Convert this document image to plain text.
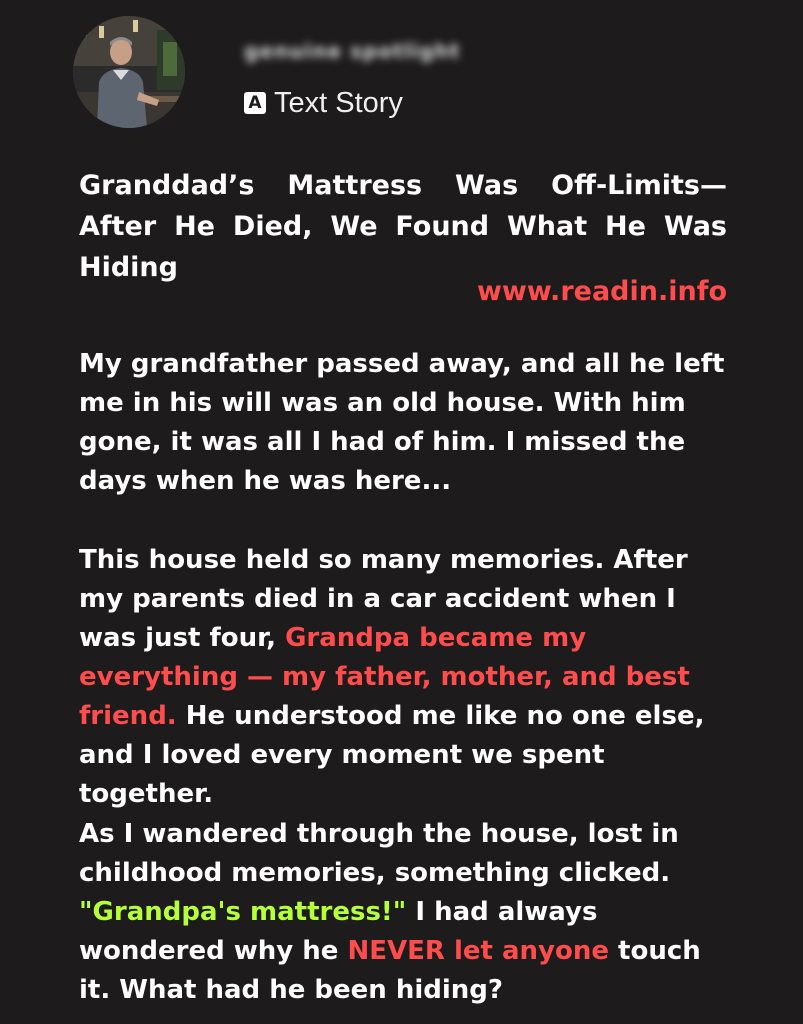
genuine spotlight
A Text Story
Granddad’s Mattress Was Off-Limits—After He Died, We Found What He Was Hiding
www.readin.info

My grandfather passed away, and all he left me in his will was an old house. With him gone, it was all I had of him. I missed the days when he was here...

This house held so many memories. After my parents died in a car accident when I was just four, Grandpa became my everything — my father, mother, and best friend. He understood me like no one else, and I loved every moment we spent together.

As I wandered through the house, lost in childhood memories, something clicked. "Grandpa's mattress!" I had always wondered why he NEVER let anyone touch it. What had he been hiding?
